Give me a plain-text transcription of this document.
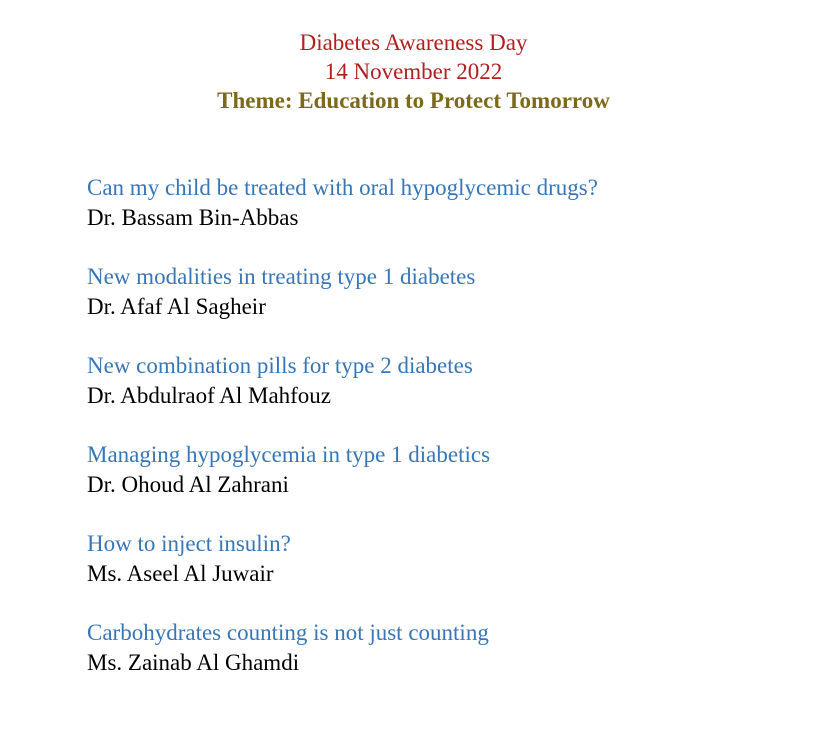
Diabetes Awareness Day
14 November 2022
Theme: Education to Protect Tomorrow
Can my child be treated with oral hypoglycemic drugs?
Dr. Bassam Bin-Abbas
New modalities in treating type 1 diabetes
Dr. Afaf Al Sagheir
New combination pills for type 2 diabetes
Dr. Abdulraof Al Mahfouz
Managing hypoglycemia in type 1 diabetics
Dr. Ohoud Al Zahrani
How to inject insulin?
Ms. Aseel Al Juwair
Carbohydrates counting is not just counting
Ms. Zainab Al Ghamdi
